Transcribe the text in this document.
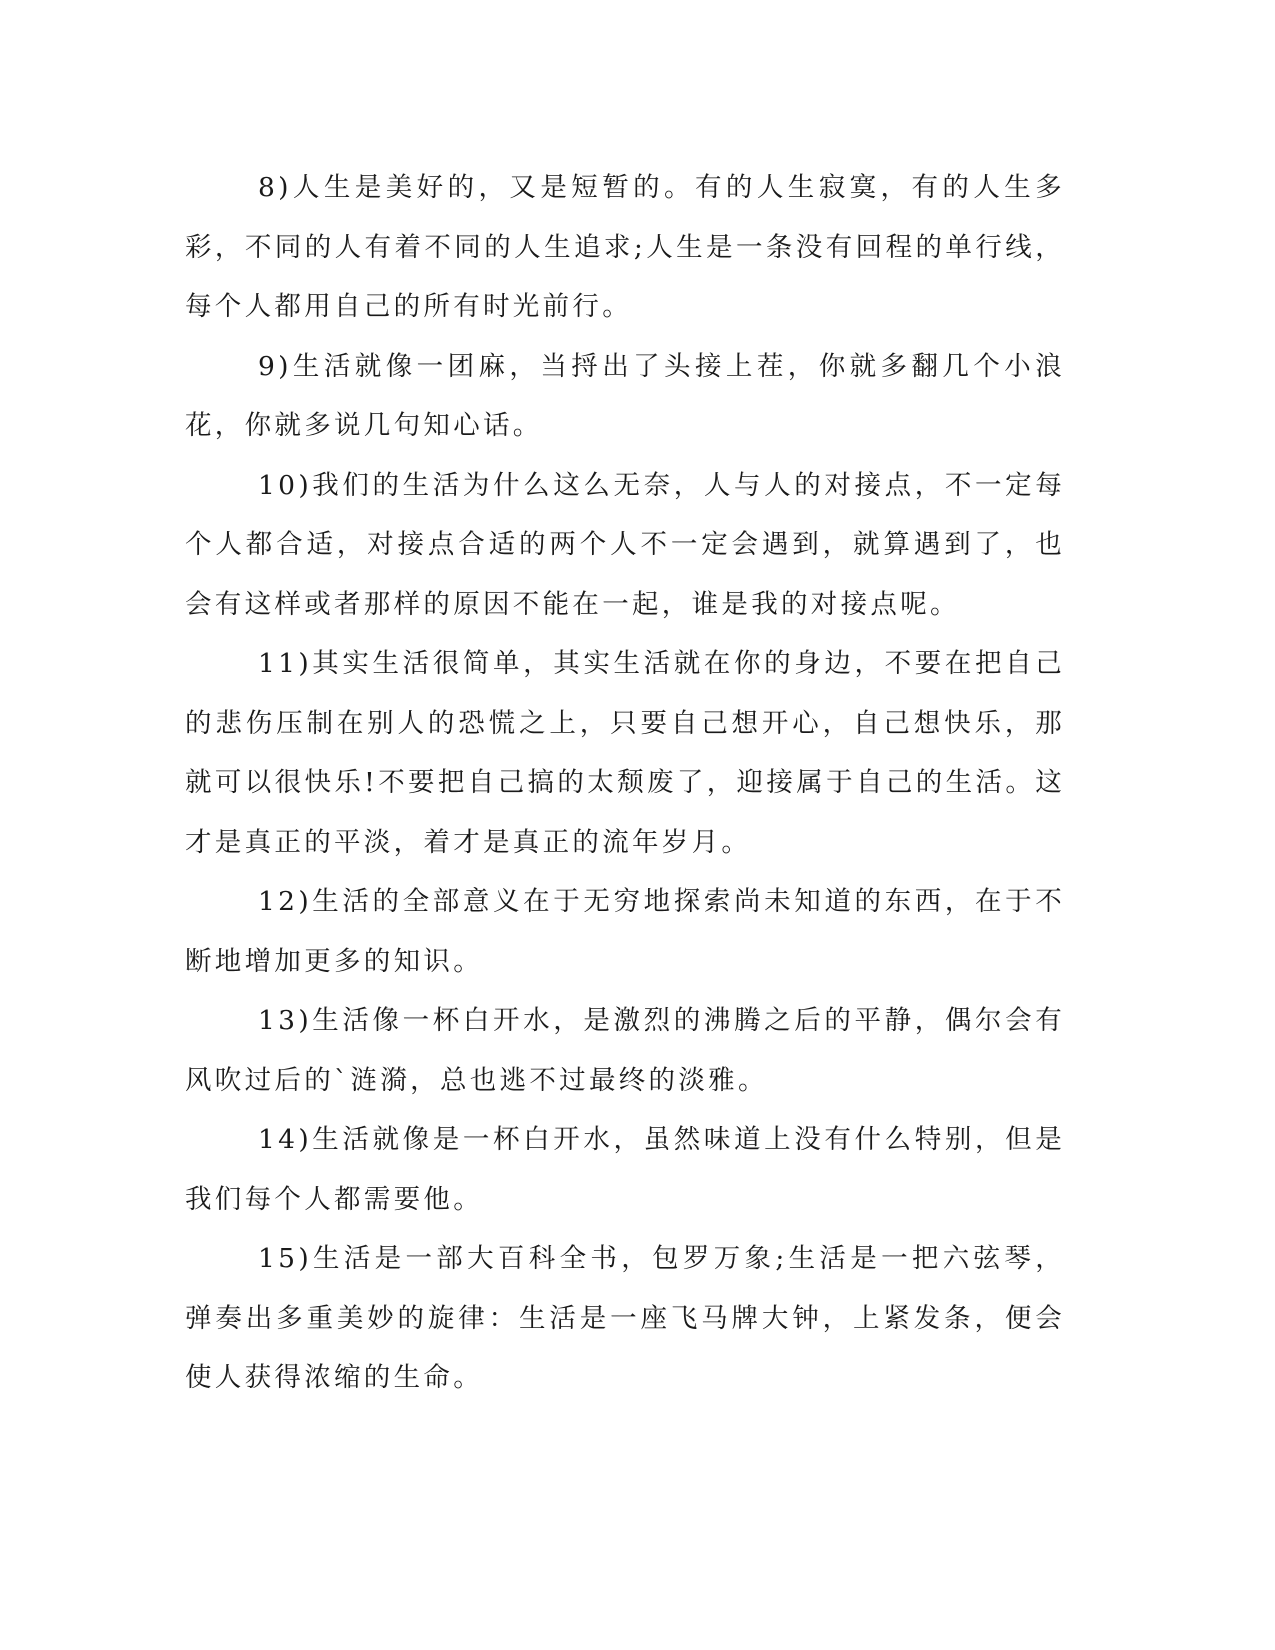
8)人生是美好的，又是短暂的。有的人生寂寞，有的人生多彩，不同的人有着不同的人生追求;人生是一条没有回程的单行线，每个人都用自己的所有时光前行。

9)生活就像一团麻，当捋出了头接上茬，你就多翻几个小浪花，你就多说几句知心话。

10)我们的生活为什么这么无奈，人与人的对接点，不一定每个人都合适，对接点合适的两个人不一定会遇到，就算遇到了，也会有这样或者那样的原因不能在一起，谁是我的对接点呢。

11)其实生活很简单，其实生活就在你的身边，不要在把自己的悲伤压制在别人的恐慌之上，只要自己想开心，自己想快乐，那就可以很快乐!不要把自己搞的太颓废了，迎接属于自己的生活。这才是真正的平淡，着才是真正的流年岁月。

12)生活的全部意义在于无穷地探索尚未知道的东西，在于不断地增加更多的知识。

13)生活像一杯白开水，是激烈的沸腾之后的平静，偶尔会有风吹过后的`涟漪，总也逃不过最终的淡雅。

14)生活就像是一杯白开水，虽然味道上没有什么特别，但是我们每个人都需要他。

15)生活是一部大百科全书，包罗万象;生活是一把六弦琴，弹奏出多重美妙的旋律：生活是一座飞马牌大钟，上紧发条，便会使人获得浓缩的生命。
